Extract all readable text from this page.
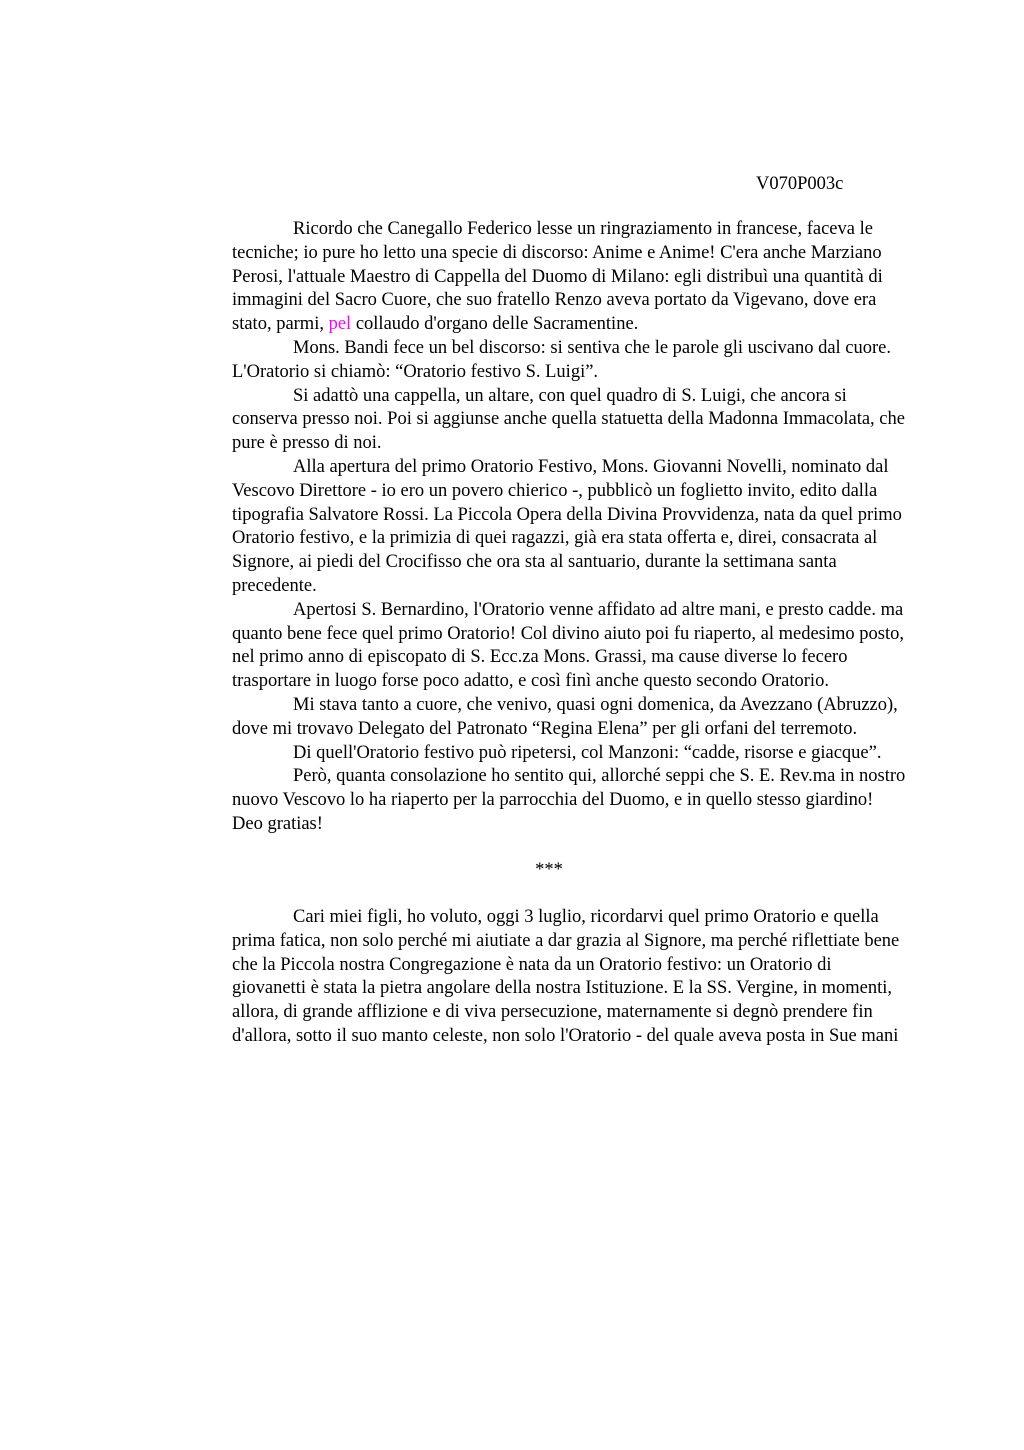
V070P003c
Ricordo che Canegallo Federico lesse un ringraziamento in francese, faceva le
tecniche; io pure ho letto una specie di discorso: Anime e Anime! C'era anche Marziano
Perosi, l'attuale Maestro di Cappella del Duomo di Milano: egli distribuì una quantità di
immagini del Sacro Cuore, che suo fratello Renzo aveva portato da Vigevano, dove era
stato, parmi, pel collaudo d'organo delle Sacramentine.
Mons. Bandi fece un bel discorso: si sentiva che le parole gli uscivano dal cuore.
L'Oratorio si chiamò: “Oratorio festivo S. Luigi”.
Si adattò una cappella, un altare, con quel quadro di S. Luigi, che ancora si
conserva presso noi. Poi si aggiunse anche quella statuetta della Madonna Immacolata, che
pure è presso di noi.
Alla apertura del primo Oratorio Festivo, Mons. Giovanni Novelli, nominato dal
Vescovo Direttore - io ero un povero chierico -, pubblicò un foglietto invito, edito dalla
tipografia Salvatore Rossi. La Piccola Opera della Divina Provvidenza, nata da quel primo
Oratorio festivo, e la primizia di quei ragazzi, già era stata offerta e, direi, consacrata al
Signore, ai piedi del Crocifisso che ora sta al santuario, durante la settimana santa
precedente.
Apertosi S. Bernardino, l'Oratorio venne affidato ad altre mani, e presto cadde. ma
quanto bene fece quel primo Oratorio! Col divino aiuto poi fu riaperto, al medesimo posto,
nel primo anno di episcopato di S. Ecc.za Mons. Grassi, ma cause diverse lo fecero
trasportare in luogo forse poco adatto, e così finì anche questo secondo Oratorio.
Mi stava tanto a cuore, che venivo, quasi ogni domenica, da Avezzano (Abruzzo),
dove mi trovavo Delegato del Patronato “Regina Elena” per gli orfani del terremoto.
Di quell'Oratorio festivo può ripetersi, col Manzoni: “cadde, risorse e giacque”.
Però, quanta consolazione ho sentito qui, allorché seppi che S. E. Rev.ma in nostro
nuovo Vescovo lo ha riaperto per la parrocchia del Duomo, e in quello stesso giardino!
Deo gratias!
***
Cari miei figli, ho voluto, oggi 3 luglio, ricordarvi quel primo Oratorio e quella
prima fatica, non solo perché mi aiutiate a dar grazia al Signore, ma perché riflettiate bene
che la Piccola nostra Congregazione è nata da un Oratorio festivo: un Oratorio di
giovanetti è stata la pietra angolare della nostra Istituzione. E la SS. Vergine, in momenti,
allora, di grande afflizione e di viva persecuzione, maternamente si degnò prendere fin
d'allora, sotto il suo manto celeste, non solo l'Oratorio - del quale aveva posta in Sue mani
